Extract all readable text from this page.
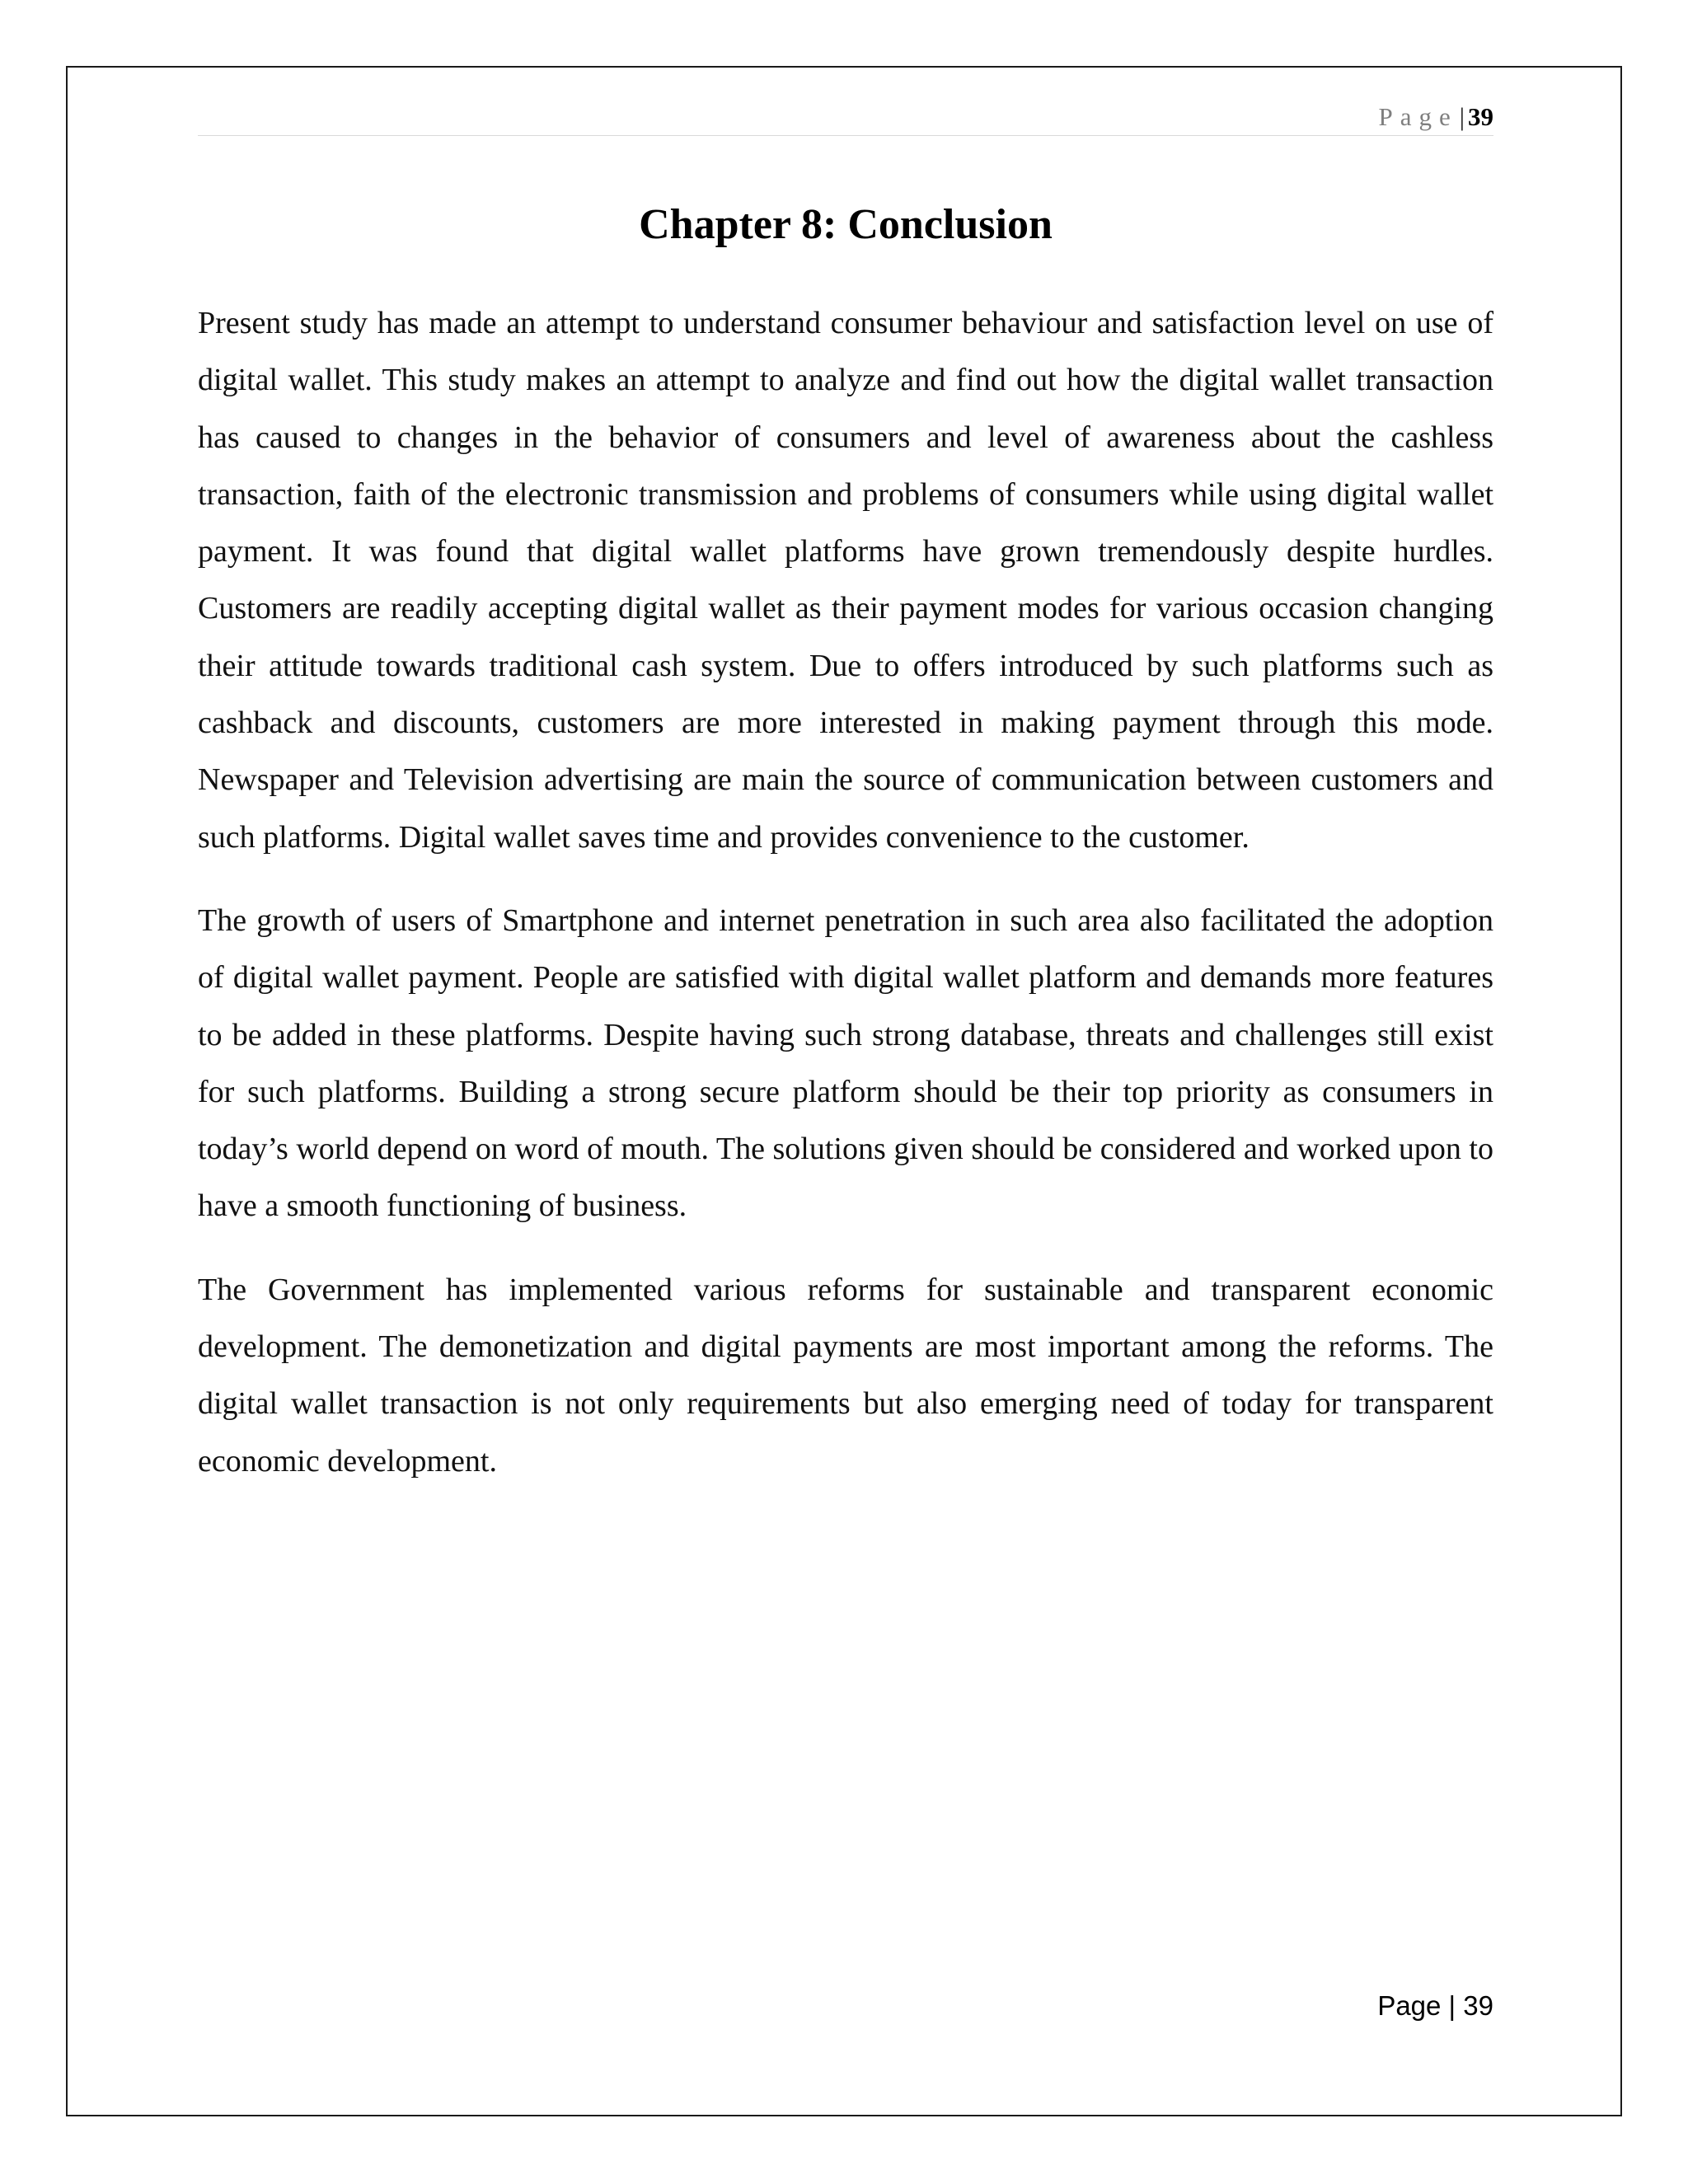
Page| 39
Chapter 8: Conclusion

Present study has made an attempt to understand consumer behaviour and satisfaction level on use of digital wallet. This study makes an attempt to analyze and find out how the digital wallet transaction has caused to changes in the behavior of consumers and level of awareness about the cashless transaction, faith of the electronic transmission and problems of consumers while using digital wallet payment. It was found that digital wallet platforms have grown tremendously despite hurdles. Customers are readily accepting digital wallet as their payment modes for various occasion changing their attitude towards traditional cash system. Due to offers introduced by such platforms such as cashback and discounts, customers are more interested in making payment through this mode. Newspaper and Television advertising are main the source of communication between customers and such platforms. Digital wallet saves time and provides convenience to the customer.

The growth of users of Smartphone and internet penetration in such area also facilitated the adoption of digital wallet payment. People are satisfied with digital wallet platform and demands more features to be added in these platforms. Despite having such strong database, threats and challenges still exist for such platforms. Building a strong secure platform should be their top priority as consumers in today’s world depend on word of mouth. The solutions given should be considered and worked upon to have a smooth functioning of business.

The Government has implemented various reforms for sustainable and transparent economic development. The demonetization and digital payments are most important among the reforms. The digital wallet transaction is not only requirements but also emerging need of today for transparent economic development.

Page | 39
